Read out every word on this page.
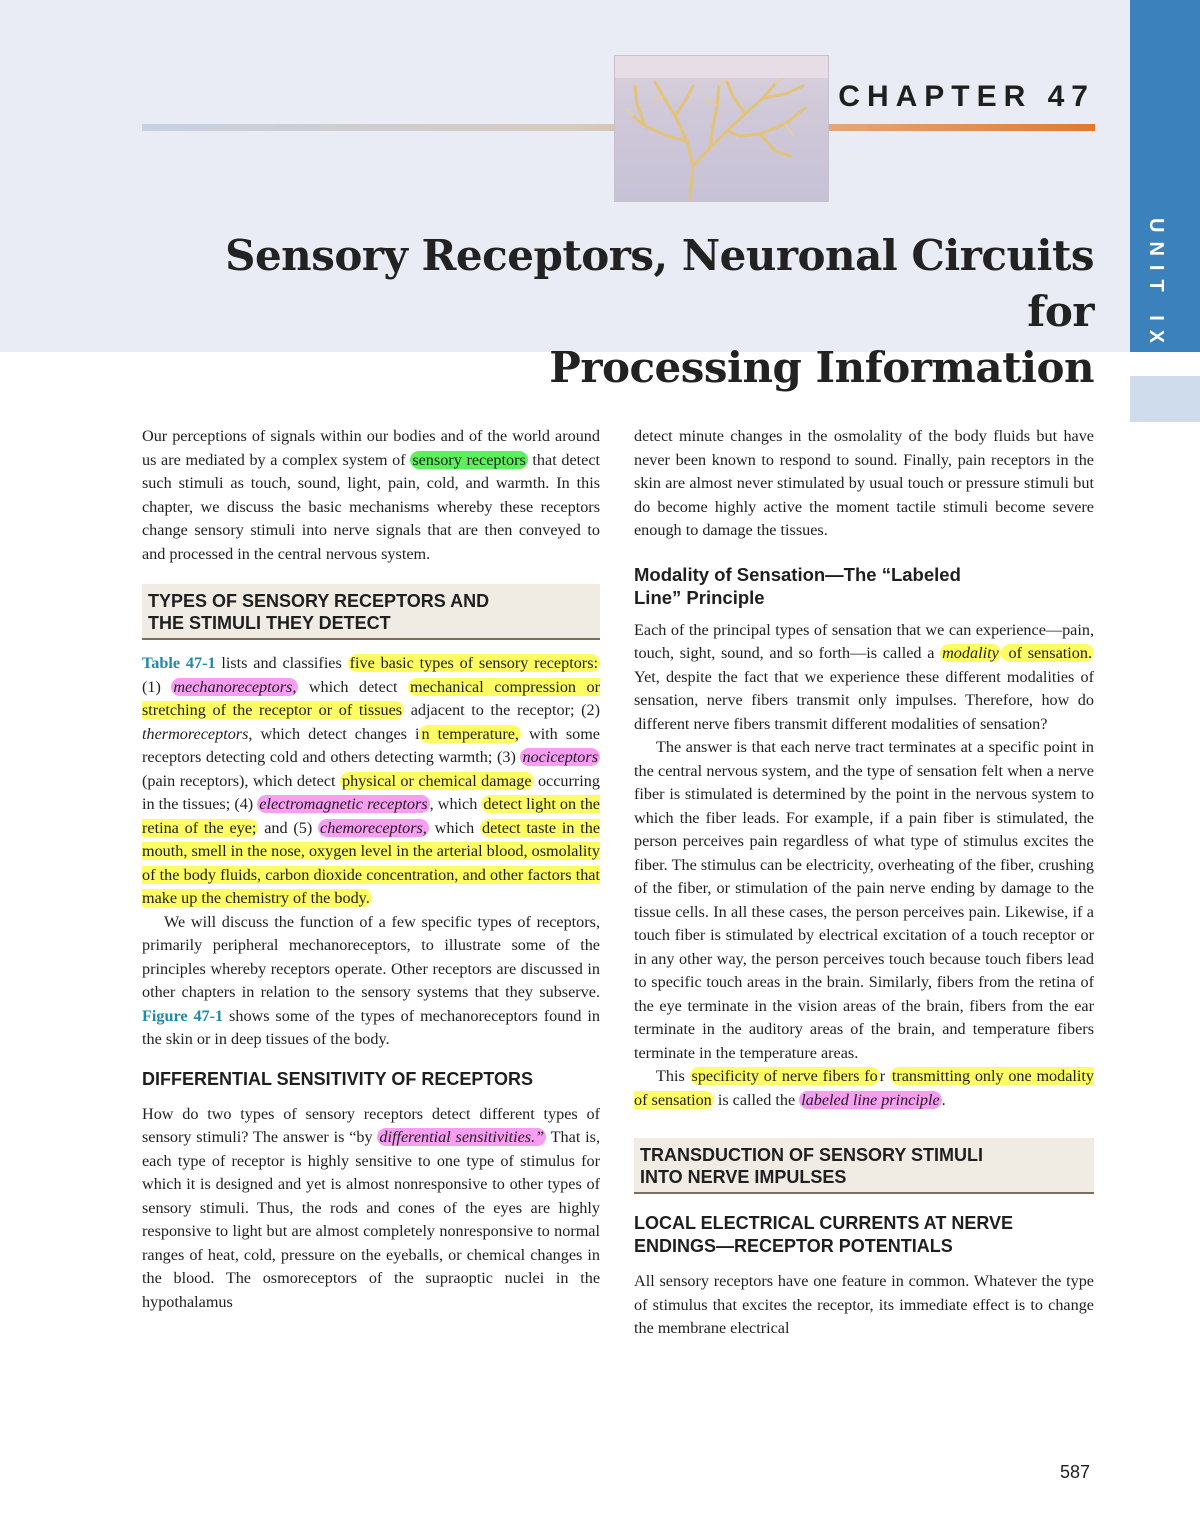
CHAPTER 47
Sensory Receptors, Neuronal Circuits for
Processing Information
UNIT IX

Our perceptions of signals within our bodies and of the world around us are mediated by a complex system of sensory receptors that detect such stimuli as touch, sound, light, pain, cold, and warmth. In this chapter, we discuss the basic mechanisms whereby these receptors change sensory stimuli into nerve signals that are then conveyed to and processed in the central nervous system.

TYPES OF SENSORY RECEPTORS AND
THE STIMULI THEY DETECT

Table 47-1 lists and classifies five basic types of sensory receptors: (1) mechanoreceptors, which detect mechanical compression or stretching of the receptor or of tissues adjacent to the receptor; (2) thermoreceptors, which detect changes i n temperature, with some receptors detecting cold and others detecting warmth; (3) nociceptors (pain receptors), which detect physical or chemical damage occurring in the tissues; (4) electromagnetic receptors , which detect light on the retina of the eye; and (5) chemoreceptors, which detect taste in the mouth, smell in the nose, oxygen level in the arterial blood, osmolality of the body fluids, carbon dioxide concentration, and other factors that make up the chemistry of the body.

We will discuss the function of a few specific types of receptors, primarily peripheral mechanoreceptors, to illustrate some of the principles whereby receptors operate. Other receptors are discussed in other chapters in relation to the sensory systems that they subserve. Figure 47-1 shows some of the types of mechanoreceptors found in the skin or in deep tissues of the body.

DIFFERENTIAL SENSITIVITY OF RECEPTORS

How do two types of sensory receptors detect different types of sensory stimuli? The answer is “by differential sensitivities.” That is, each type of receptor is highly sensitive to one type of stimulus for which it is designed and yet is almost nonresponsive to other types of sensory stimuli. Thus, the rods and cones of the eyes are highly responsive to light but are almost completely nonresponsive to normal ranges of heat, cold, pressure on the eyeballs, or chemical changes in the blood. The osmoreceptors of the supraoptic nuclei in the hypothalamus

detect minute changes in the osmolality of the body fluids but have never been known to respond to sound. Finally, pain receptors in the skin are almost never stimulated by usual touch or pressure stimuli but do become highly active the moment tactile stimuli become severe enough to damage the tissues.

Modality of Sensation—The “Labeled
Line” Principle

Each of the principal types of sensation that we can experience—pain, touch, sight, sound, and so forth—is called a modality of sensation. Yet, despite the fact that we experience these different modalities of sensation, nerve fibers transmit only impulses. Therefore, how do different nerve fibers transmit different modalities of sensation?

The answer is that each nerve tract terminates at a specific point in the central nervous system, and the type of sensation felt when a nerve fiber is stimulated is determined by the point in the nervous system to which the fiber leads. For example, if a pain fiber is stimulated, the person perceives pain regardless of what type of stimulus excites the fiber. The stimulus can be electricity, overheating of the fiber, crushing of the fiber, or stimulation of the pain nerve ending by damage to the tissue cells. In all these cases, the person perceives pain. Likewise, if a touch fiber is stimulated by electrical excitation of a touch receptor or in any other way, the person perceives touch because touch fibers lead to specific touch areas in the brain. Similarly, fibers from the retina of the eye terminate in the vision areas of the brain, fibers from the ear terminate in the auditory areas of the brain, and temperature fibers terminate in the temperature areas.

This specificity of nerve fibers fo r transmitting only one modality of sensation is called the labeled line principle .

TRANSDUCTION OF SENSORY STIMULI
INTO NERVE IMPULSES
LOCAL ELECTRICAL CURRENTS AT NERVE
ENDINGS—RECEPTOR POTENTIALS

All sensory receptors have one feature in common. Whatever the type of stimulus that excites the receptor, its immediate effect is to change the membrane electrical

587
